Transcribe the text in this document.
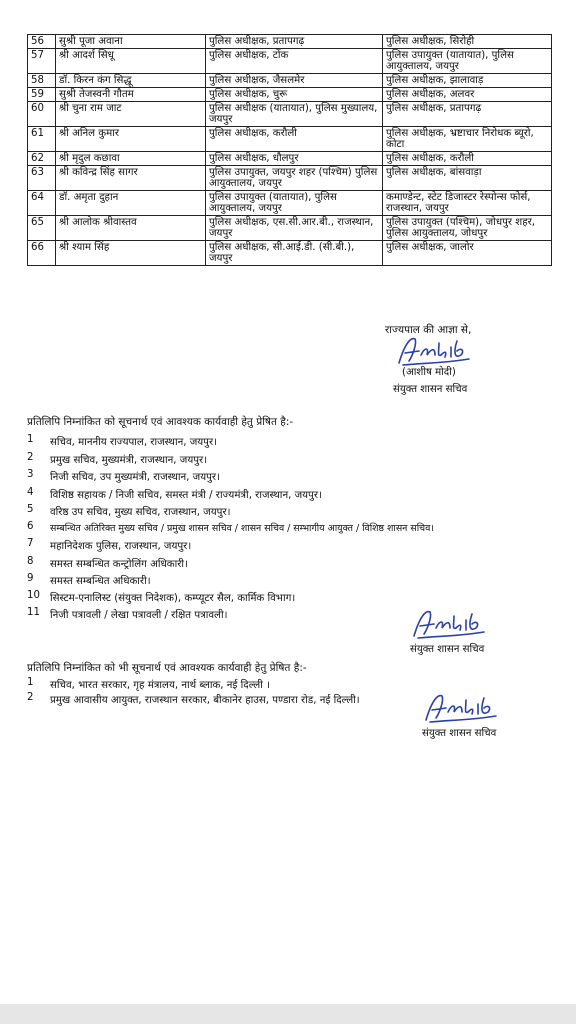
56	सुश्री पूजा अवाना	पुलिस अधीक्षक, प्रतापगढ़	पुलिस अधीक्षक, सिरोही
57	श्री आदर्श सिधू	पुलिस अधीक्षक, टोंक	पुलिस उपायुक्त (यातायात), पुलिस आयुक्तालय, जयपुर
58	डॉ. किरन कंग सिद्धू	पुलिस अधीक्षक, जैसलमेर	पुलिस अधीक्षक, झालावाड़
59	सुश्री तेजस्वनी गौतम	पुलिस अधीक्षक, चुरू	पुलिस अधीक्षक, अलवर
60	श्री चुना राम जाट	पुलिस अधीक्षक (यातायात), पुलिस मुख्यालय, जयपुर	पुलिस अधीक्षक, प्रतापगढ़
61	श्री अनिल कुमार	पुलिस अधीक्षक, करौली	पुलिस अधीक्षक, भ्रष्टाचार निरोधक ब्यूरो, कोटा
62	श्री मृदुल कछावा	पुलिस अधीक्षक, धौलपुर	पुलिस अधीक्षक, करौली
63	श्री कविन्द्र सिंह सागर	पुलिस उपायुक्त, जयपुर शहर (पश्चिम) पुलिस आयुक्तालय, जयपुर	पुलिस अधीक्षक, बांसवाड़ा
64	डॉ. अमृता दुहान	पुलिस उपायुक्त (यातायात), पुलिस आयुक्तालय, जयपुर	कमाण्डेन्ट, स्टेट डिजास्टर रेस्पोन्स फोर्स, राजस्थान, जयपुर
65	श्री आलोक श्रीवास्तव	पुलिस अधीक्षक, एस.सी.आर.बी., राजस्थान, जयपुर	पुलिस उपायुक्त (पश्चिम), जोधपुर शहर, पुलिस आयुक्तालय, जोधपुर
66	श्री श्याम सिंह	पुलिस अधीक्षक, सी.आई.डी. (सी.बी.), जयपुर	पुलिस अधीक्षक, जालोर
राज्यपाल की आज्ञा से,
(आशीष मोदी)
संयुक्त शासन सचिव
प्रतिलिपि निम्नांकित को सूचनार्थ एवं आवश्यक कार्यवाही हेतु प्रेषित है:-
1 सचिव, माननीय राज्यपाल, राजस्थान, जयपुर।
2 प्रमुख सचिव, मुख्यमंत्री, राजस्थान, जयपुर।
3 निजी सचिव, उप मुख्यमंत्री, राजस्थान, जयपुर।
4 विशिष्ठ सहायक / निजी सचिव, समस्त मंत्री / राज्यमंत्री, राजस्थान, जयपुर।
5 वरिष्ठ उप सचिव, मुख्य सचिव, राजस्थान, जयपुर।
6 सम्बन्धित अतिरिक्त मुख्य सचिव / प्रमुख शासन सचिव / शासन सचिव / सम्भागीय आयुक्त / विशिष्ठ शासन सचिव।
7 महानिदेशक पुलिस, राजस्थान, जयपुर।
8 समस्त सम्बन्धित कन्ट्रोलिंग अधिकारी।
9 समस्त सम्बन्धित अधिकारी।
10 सिस्टम-एनालिस्ट (संयुक्त निदेशक), कम्प्यूटर सैल, कार्मिक विभाग।
11 निजी पत्रावली / लेखा पत्रावली / रक्षित पत्रावली।
संयुक्त शासन सचिव
प्रतिलिपि निम्नांकित को भी सूचनार्थ एवं आवश्यक कार्यवाही हेतु प्रेषित है:-
1 सचिव, भारत सरकार, गृह मंत्रालय, नार्थ ब्लाक, नई दिल्ली ।
2 प्रमुख आवासीय आयुक्त, राजस्थान सरकार, बीकानेर हाउस, पण्डारा रोड, नई दिल्ली।
संयुक्त शासन सचिव
